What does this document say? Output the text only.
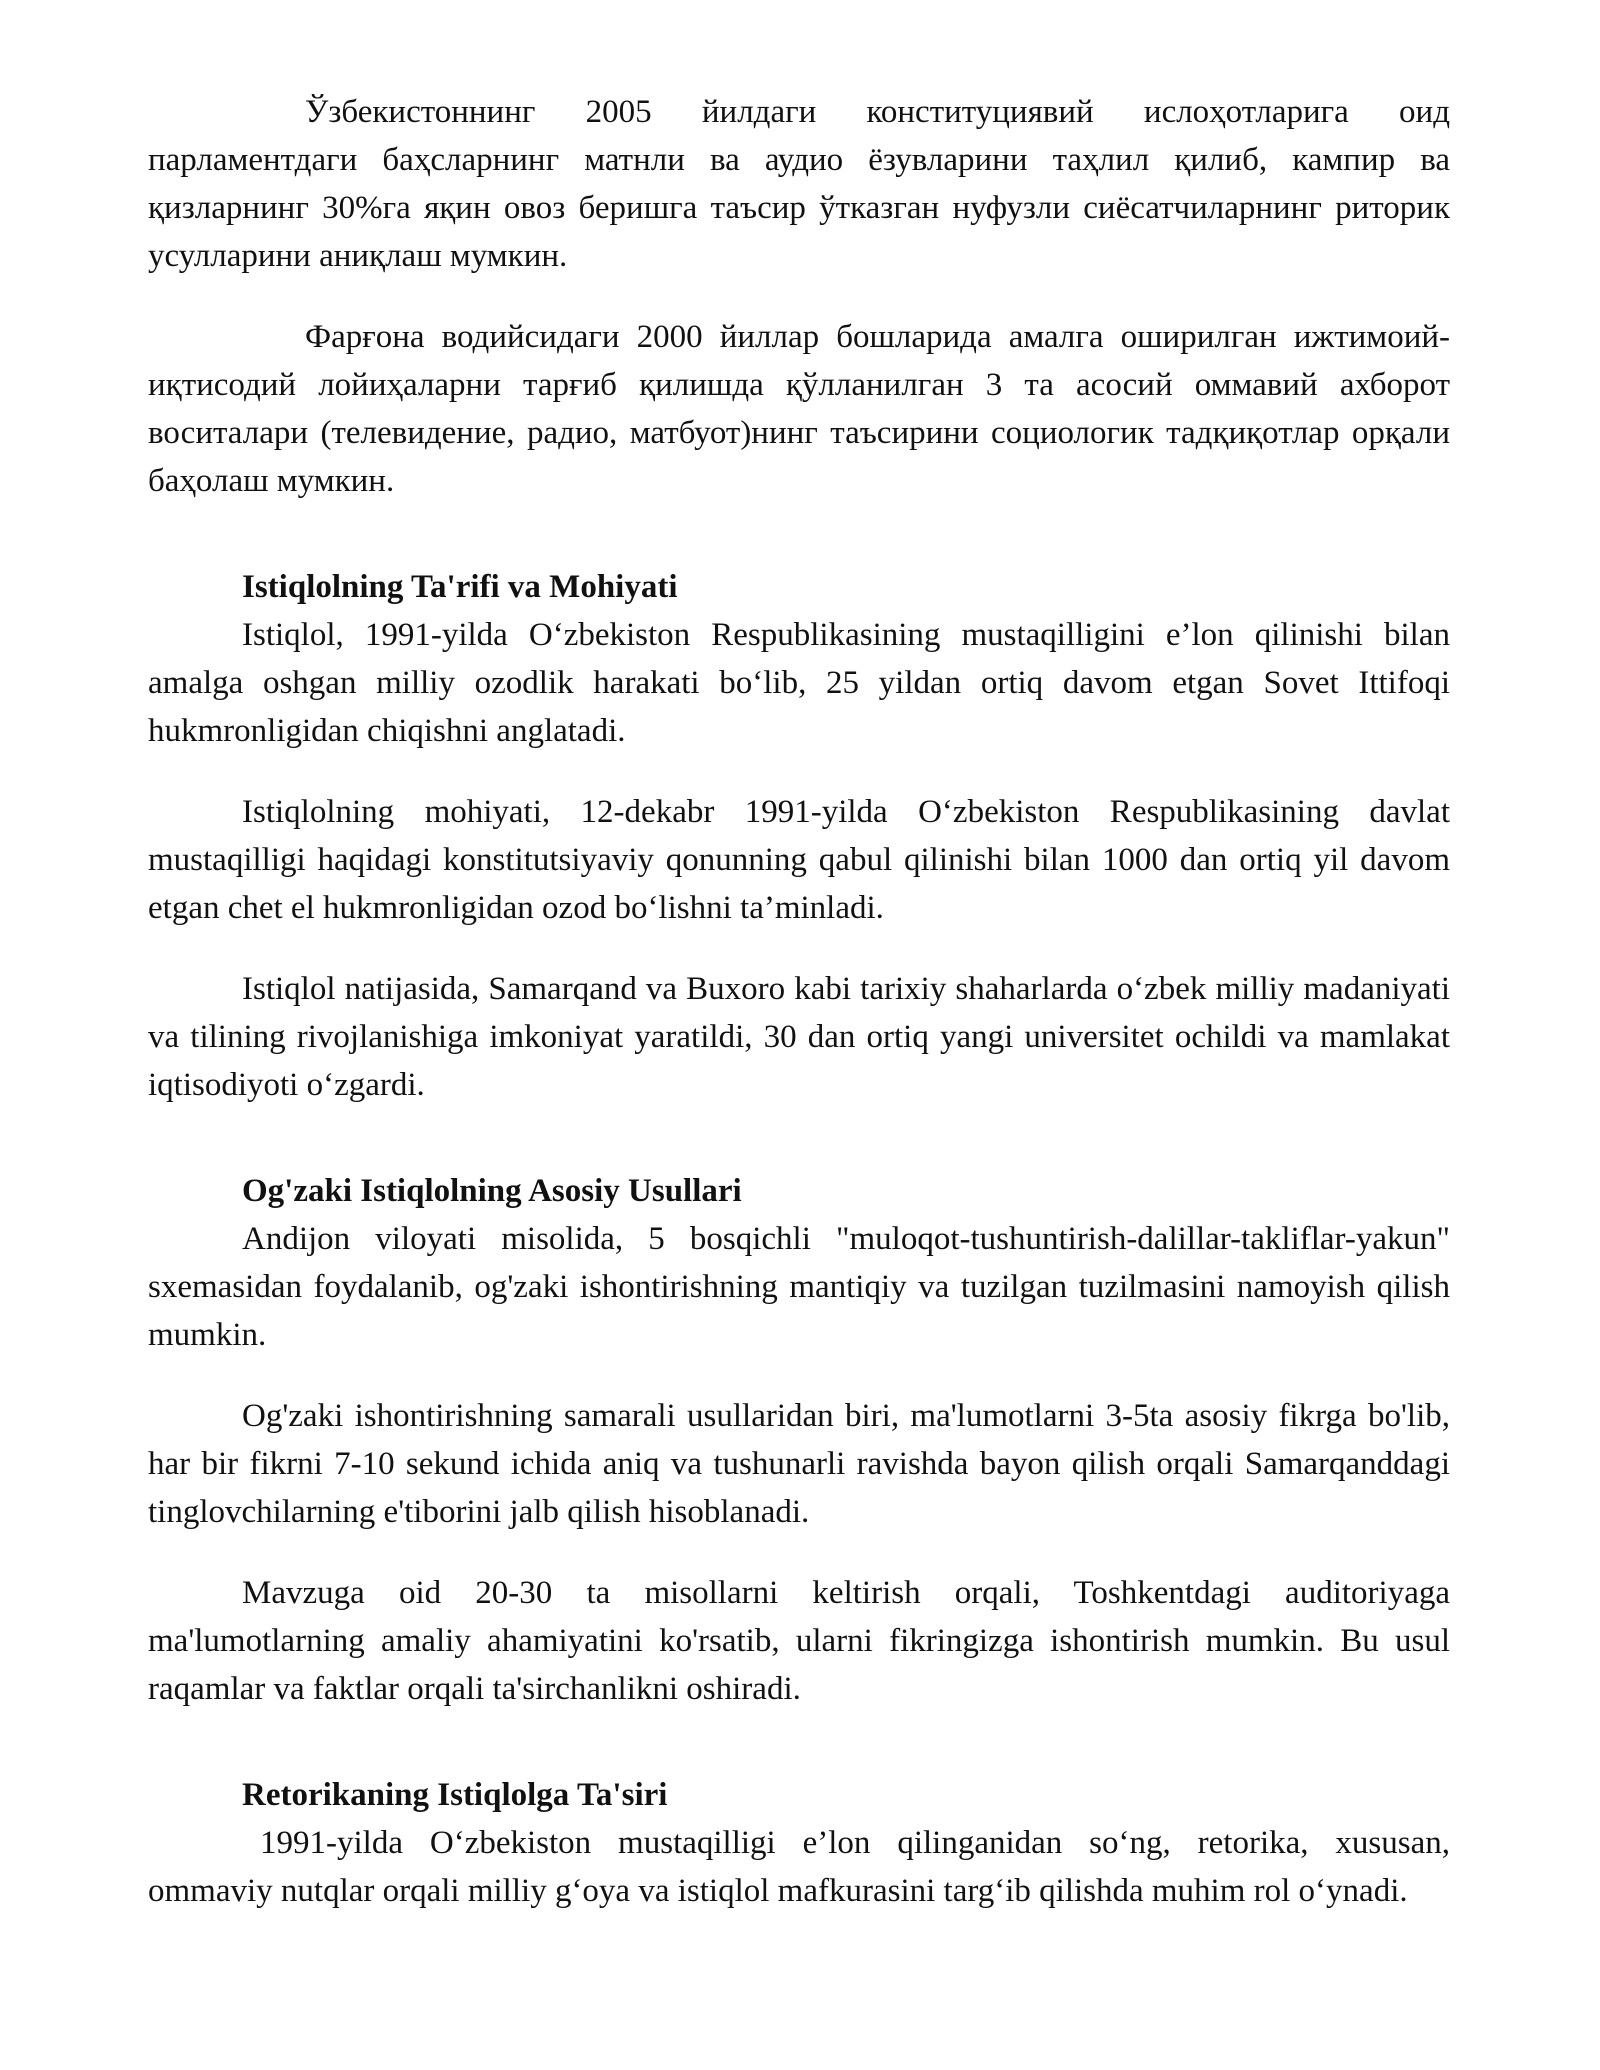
Ўзбекистоннинг 2005 йилдаги конституциявий ислоҳотларига оид парламентдаги баҳсларнинг матнли ва аудио ёзувларини таҳлил қилиб, кампир ва қизларнинг 30%га яқин овоз беришга таъсир ўтказган нуфузли сиёсатчиларнинг риторик усулларини аниқлаш мумкин.

Фарғона водийсидаги 2000 йиллар бошларида амалга оширилган ижтимоий-иқтисодий лойиҳаларни тарғиб қилишда қўлланилган 3 та асосий оммавий ахборот воситалари (телевидение, радио, матбуот)нинг таъсирини социологик тадқиқотлар орқали баҳолаш мумкин.

Istiqlolning Ta'rifi va Mohiyati

Istiqlol, 1991-yilda O‘zbekiston Respublikasining mustaqilligini e’lon qilinishi bilan amalga oshgan milliy ozodlik harakati bo‘lib, 25 yildan ortiq davom etgan Sovet Ittifoqi hukmronligidan chiqishni anglatadi.

Istiqlolning mohiyati, 12-dekabr 1991-yilda O‘zbekiston Respublikasining davlat mustaqilligi haqidagi konstitutsiyaviy qonunning qabul qilinishi bilan 1000 dan ortiq yil davom etgan chet el hukmronligidan ozod bo‘lishni ta’minladi.

Istiqlol natijasida, Samarqand va Buxoro kabi tarixiy shaharlarda o‘zbek milliy madaniyati va tilining rivojlanishiga imkoniyat yaratildi, 30 dan ortiq yangi universitet ochildi va mamlakat iqtisodiyoti o‘zgardi.

Og'zaki Istiqlolning Asosiy Usullari

Andijon viloyati misolida, 5 bosqichli "muloqot-tushuntirish-dalillar-takliflar-yakun" sxemasidan foydalanib, og'zaki ishontirishning mantiqiy va tuzilgan tuzilmasini namoyish qilish mumkin.

Og'zaki ishontirishning samarali usullaridan biri, ma'lumotlarni 3-5ta asosiy fikrga bo'lib, har bir fikrni 7-10 sekund ichida aniq va tushunarli ravishda bayon qilish orqali Samarqanddagi tinglovchilarning e'tiborini jalb qilish hisoblanadi.

Mavzuga oid 20-30 ta misollarni keltirish orqali, Toshkentdagi auditoriyaga ma'lumotlarning amaliy ahamiyatini ko'rsatib, ularni fikringizga ishontirish mumkin. Bu usul raqamlar va faktlar orqali ta'sirchanlikni oshiradi.

Retorikaning Istiqlolga Ta'siri

1991-yilda O‘zbekiston mustaqilligi e’lon qilinganidan so‘ng, retorika, xususan, ommaviy nutqlar orqali milliy g‘oya va istiqlol mafkurasini targ‘ib qilishda muhim rol o‘ynadi.
